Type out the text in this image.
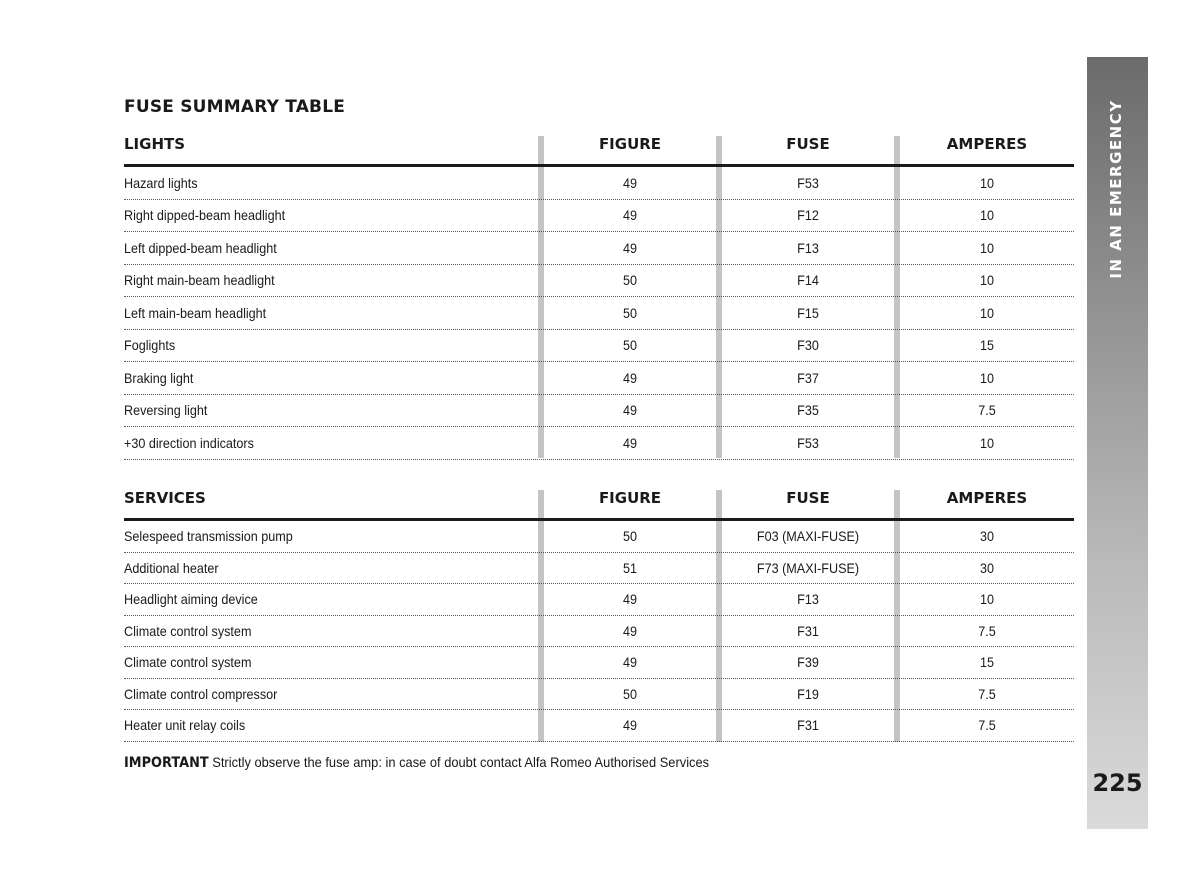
FUSE SUMMARY TABLE
LIGHTS	FIGURE	FUSE	AMPERES
Hazard lights	49	F53	10
Right dipped-beam headlight	49	F12	10
Left dipped-beam headlight	49	F13	10
Right main-beam headlight	50	F14	10
Left main-beam headlight	50	F15	10
Foglights	50	F30	15
Braking light	49	F37	10
Reversing light	49	F35	7.5
+30 direction indicators	49	F53	10
SERVICES	FIGURE	FUSE	AMPERES
Selespeed transmission pump	50	F03 (MAXI-FUSE)	30
Additional heater	51	F73 (MAXI-FUSE)	30
Headlight aiming device	49	F13	10
Climate control system	49	F31	7.5
Climate control system	49	F39	15
Climate control compressor	50	F19	7.5
Heater unit relay coils	49	F31	7.5
IMPORTANT Strictly observe the fuse amp: in case of doubt contact Alfa Romeo Authorised Services
IN AN EMERGENCY
225
